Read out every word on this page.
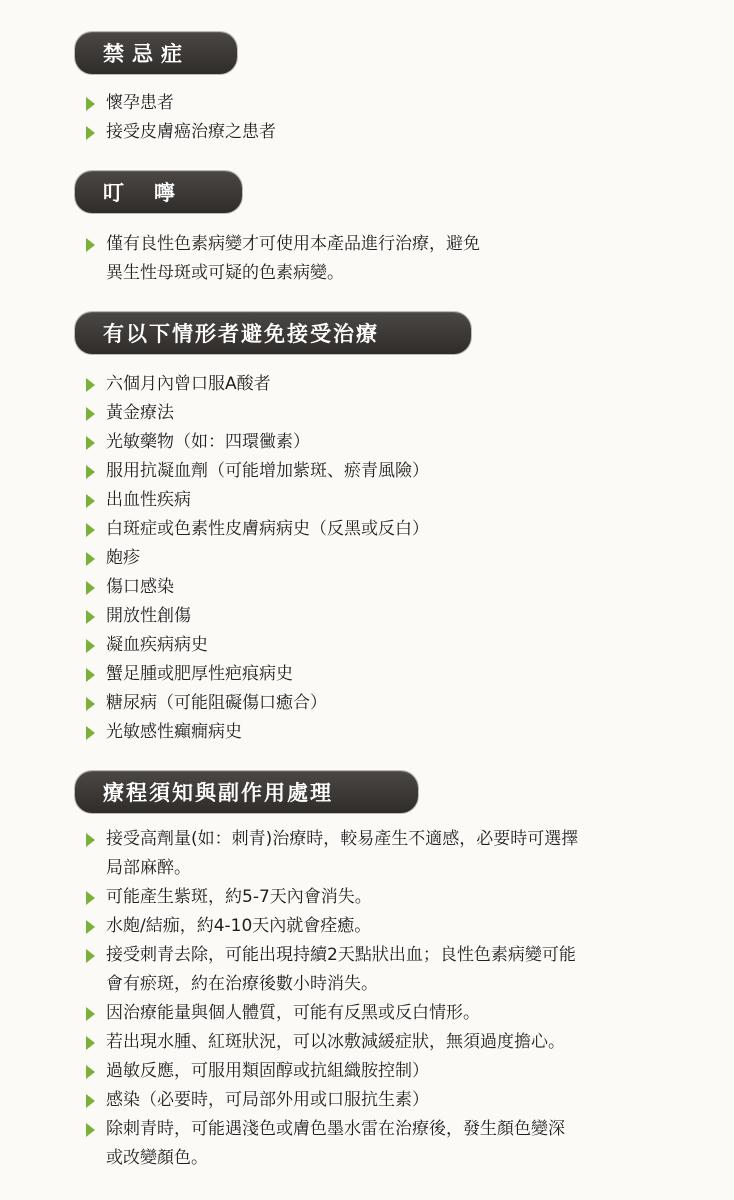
禁忌症
懷孕患者
接受皮膚癌治療之患者
叮嚀
僅有良性色素病變才可使用本產品進行治療，避免
異生性母斑或可疑的色素病變。
有以下情形者避免接受治療
六個月內曾口服A酸者
黃金療法
光敏藥物（如：四環黴素）
服用抗凝血劑（可能增加紫斑、瘀青風險）
出血性疾病
白斑症或色素性皮膚病病史（反黑或反白）
皰疹
傷口感染
開放性創傷
凝血疾病病史
蟹足腫或肥厚性疤痕病史
糖尿病（可能阻礙傷口癒合）
光敏感性癲癇病史
療程須知與副作用處理
接受高劑量(如：刺青)治療時，較易產生不適感，必要時可選擇
局部麻醉。
可能產生紫斑，約5-7天內會消失。
水皰/結痂，約4-10天內就會痊癒。
接受刺青去除，可能出現持續2天點狀出血；良性色素病變可能
會有瘀斑，約在治療後數小時消失。
因治療能量與個人體質，可能有反黑或反白情形。
若出現水腫、紅斑狀況，可以冰敷減緩症狀，無須過度擔心。
過敏反應，可服用類固醇或抗組織胺控制）
感染（必要時，可局部外用或口服抗生素）
除刺青時，可能遇淺色或膚色墨水雷在治療後，發生顏色變深
或改變顏色。
